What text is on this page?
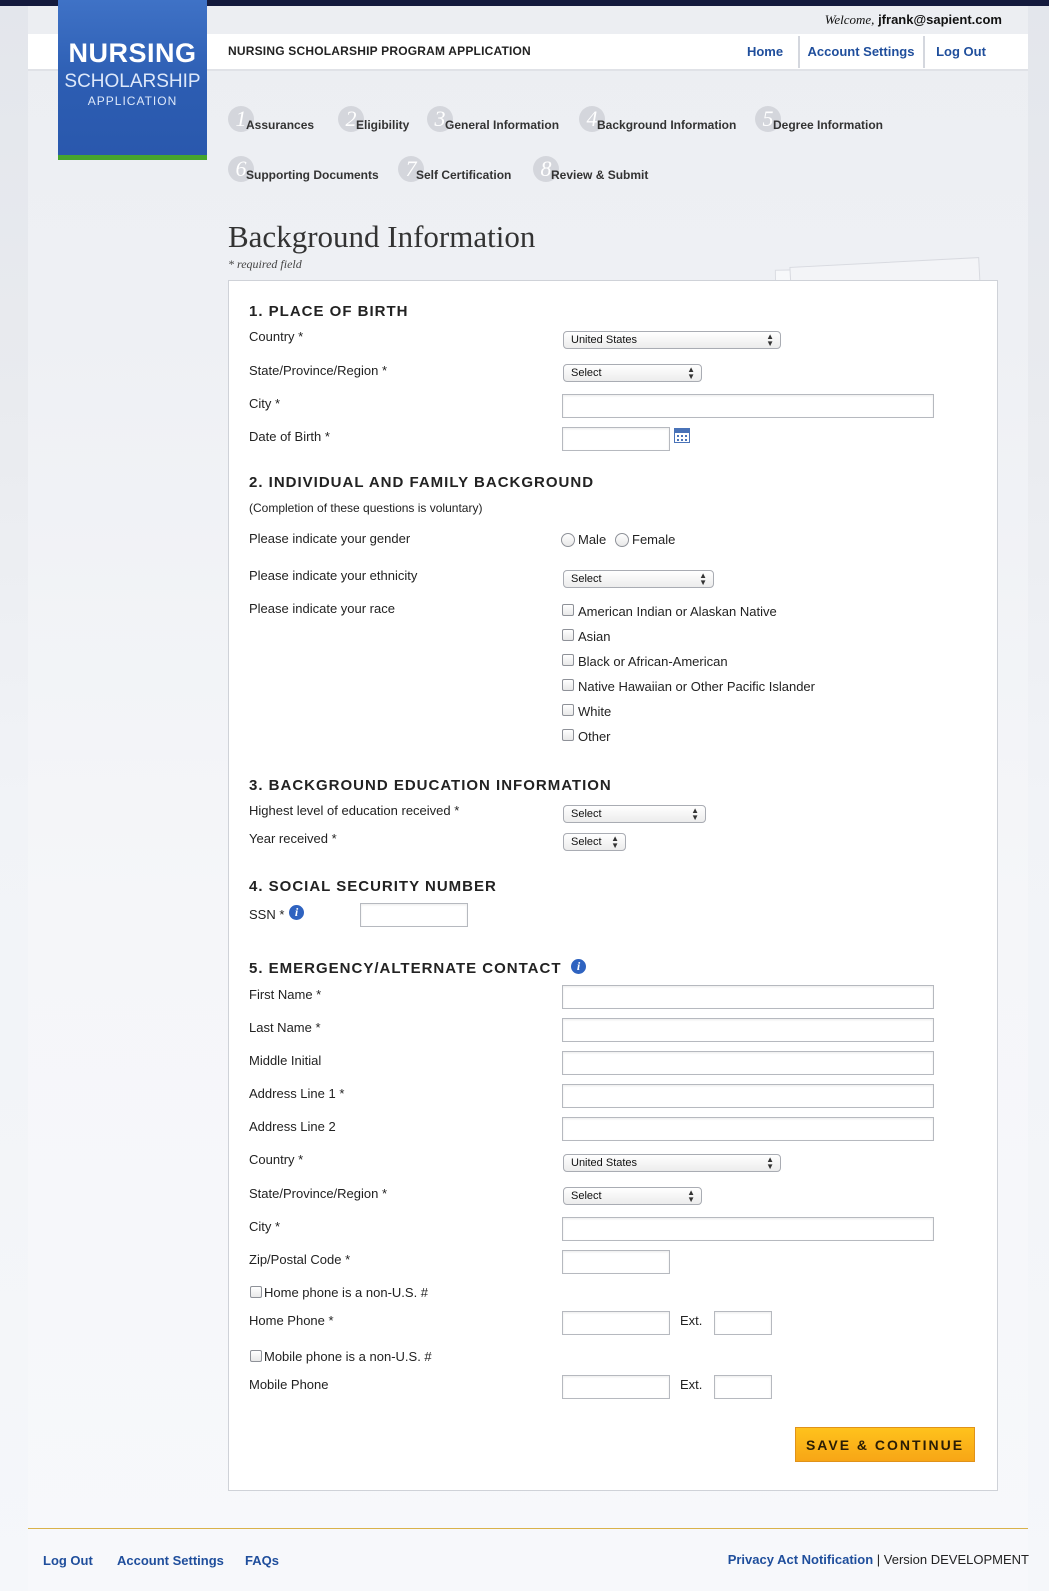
Welcome, jfrank@sapient.com
NURSING SCHOLARSHIP PROGRAM APPLICATION	Home	Account Settings	Log Out
NURSING
SCHOLARSHIP
APPLICATION
1 Assurances	2 Eligibility	3 General Information	4 Background Information	5 Degree Information
6 Supporting Documents	7 Self Certification	8 Review & Submit
Background Information
* required field
1. PLACE OF BIRTH
Country *	United States	▲
▼
State/Province/Region *	Select	▲
▼
City *
Date of Birth *
2. INDIVIDUAL AND FAMILY BACKGROUND
(Completion of these questions is voluntary)
Please indicate your gender	Male Female
Please indicate your ethnicity	Select	▲
▼
Please indicate your race	American Indian or Alaskan Native
Asian
Black or African-American
Native Hawaiian or Other Pacific Islander
White
Other
3. BACKGROUND EDUCATION INFORMATION
Highest level of education received *	Select	▲
▼
Year received *	Select ▲
▼
4. SOCIAL SECURITY NUMBER
SSN * i
5. EMERGENCY/ALTERNATE CONTACT	i
First Name *
Last Name *
Middle Initial
Address Line 1 *
Address Line 2
Country *	United States	▲
▼
State/Province/Region *	Select	▲
▼
City *
Zip/Postal Code *
Home phone is a non-U.S. #
Home Phone *	Ext.
Mobile phone is a non-U.S. #
Mobile Phone	Ext.
SAVE & CONTINUE
Log Out Account Settings FAQs	Privacy Act Notification | Version DEVELOPMENT
